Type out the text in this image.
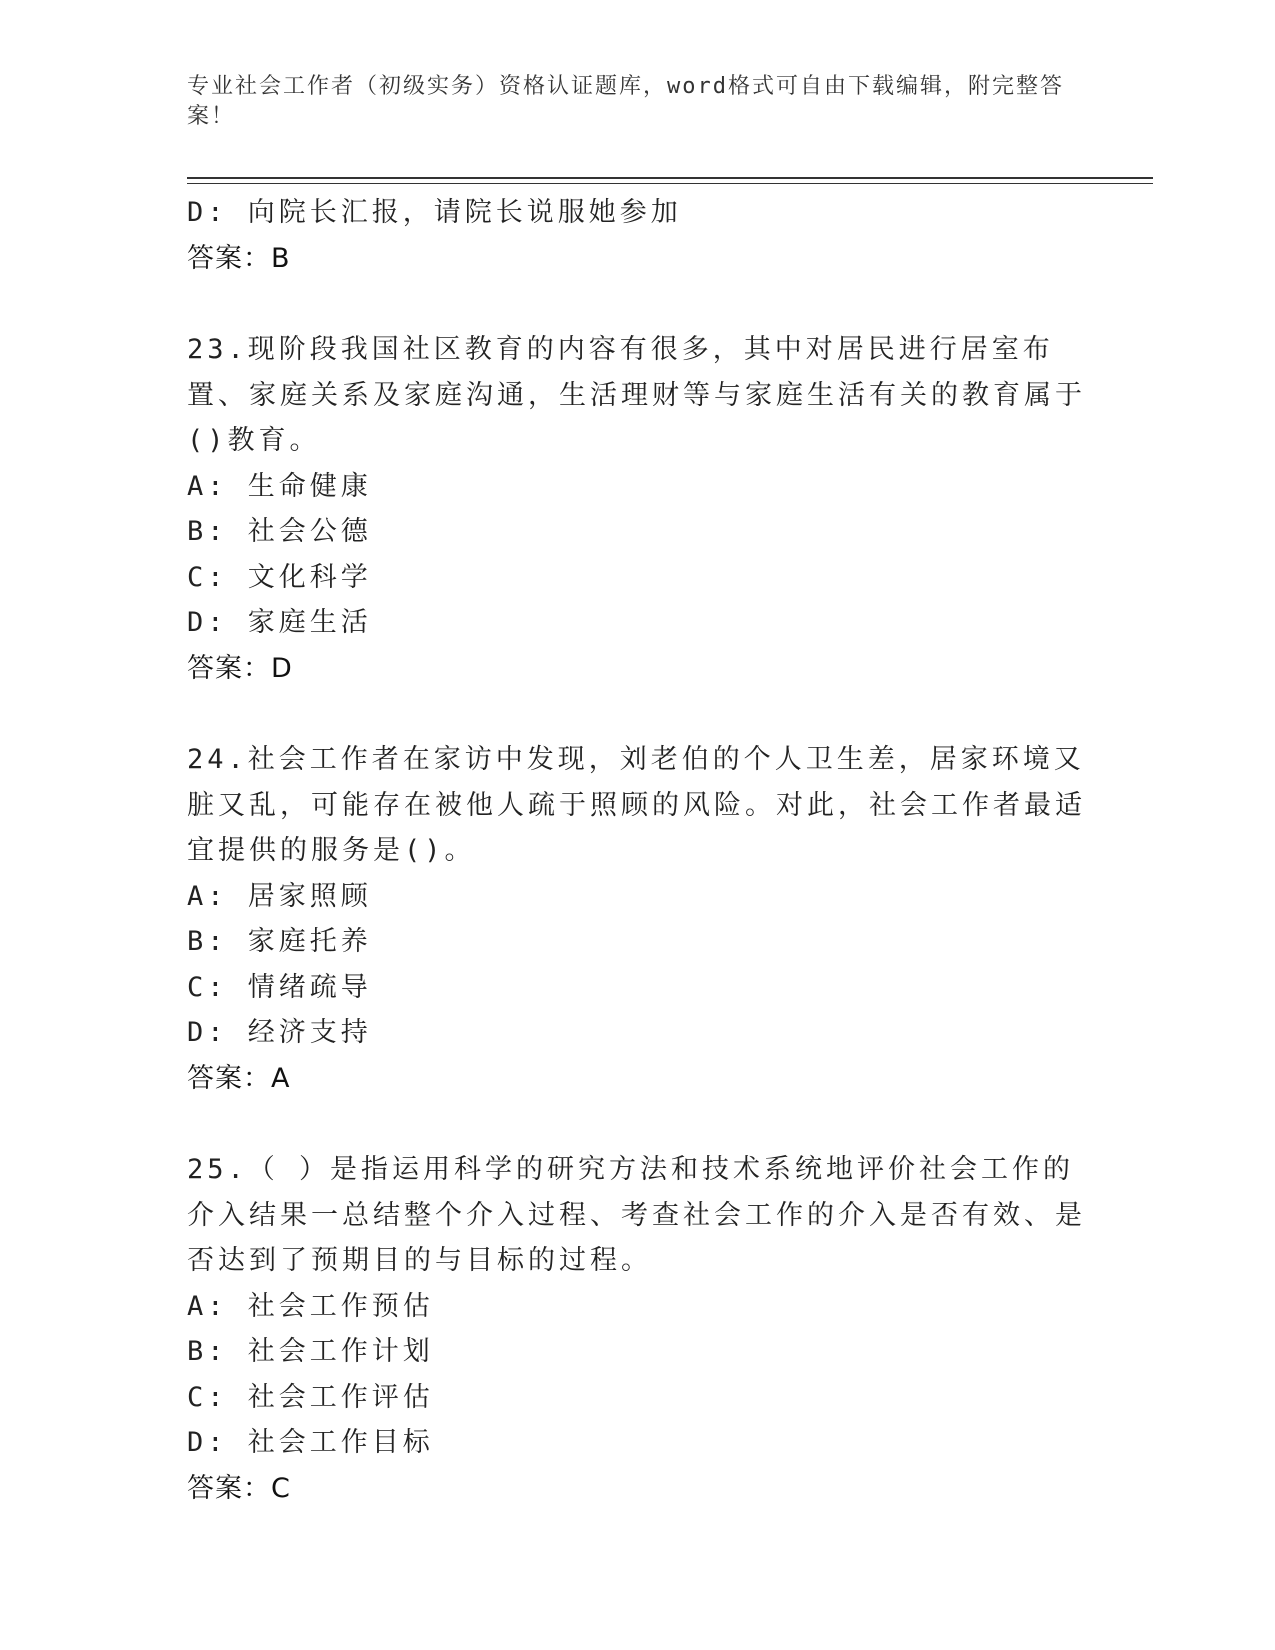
专业社会工作者（初级实务）资格认证题库，word格式可自由下载编辑，附完整答案！
D: 向院长汇报，请院长说服她参加
答案：B
23.现阶段我国社区教育的内容有很多，其中对居民进行居室布置、家庭关系及家庭沟通，生活理财等与家庭生活有关的教育属于()教育。
A: 生命健康
B: 社会公德
C: 文化科学
D: 家庭生活
答案：D
24.社会工作者在家访中发现，刘老伯的个人卫生差，居家环境又脏又乱，可能存在被他人疏于照顾的风险。对此，社会工作者最适宜提供的服务是()。
A: 居家照顾
B: 家庭托养
C: 情绪疏导
D: 经济支持
答案：A
25.（ ）是指运用科学的研究方法和技术系统地评价社会工作的介入结果一总结整个介入过程、考查社会工作的介入是否有效、是否达到了预期目的与目标的过程。
A: 社会工作预估
B: 社会工作计划
C: 社会工作评估
D: 社会工作目标
答案：C
